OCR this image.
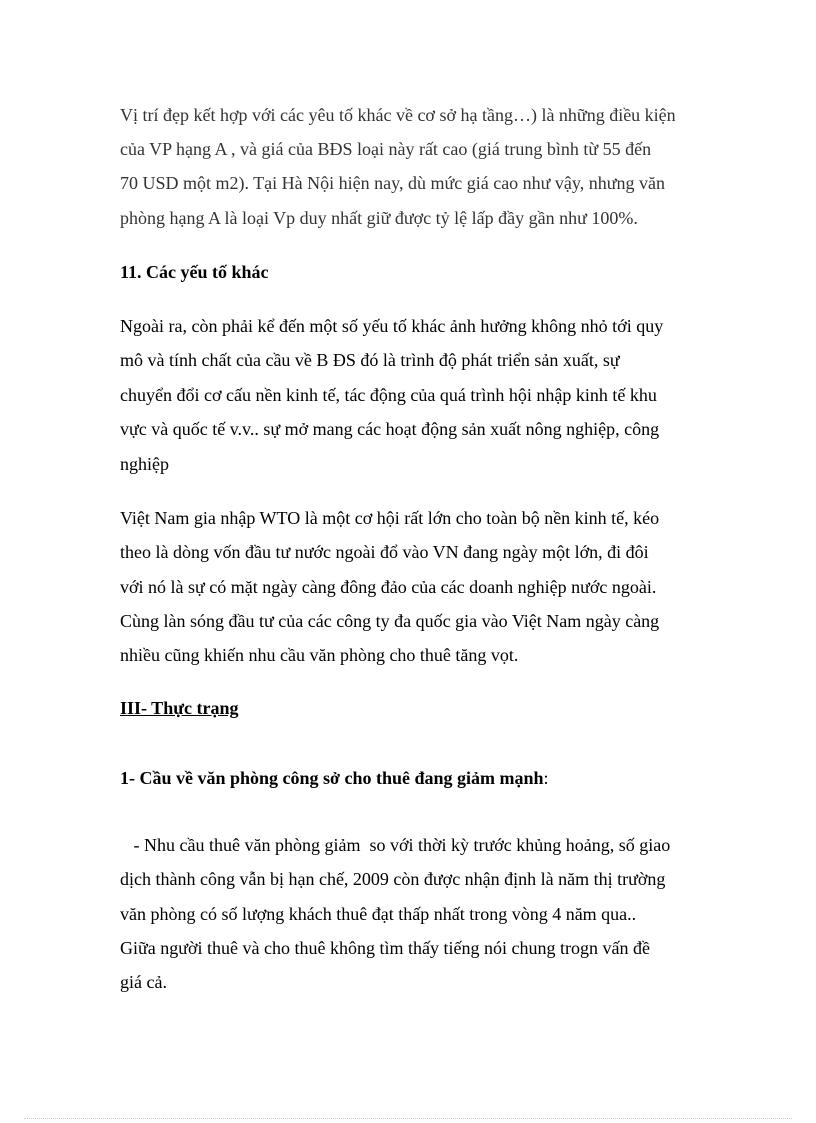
Vị trí đẹp kết hợp với các yêu tố khác về cơ sở hạ tầng…) là những điều kiện
của VP hạng A , và giá của BĐS loại này rất cao (giá trung bình từ 55 đến
70 USD một m2). Tại Hà Nội hiện nay, dù mức giá cao như vậy, nhưng văn
phòng hạng A là loại Vp duy nhất giữ được tỷ lệ lấp đầy gần như 100%.
11. Các yếu tố khác
Ngoài ra, còn phải kể đến một số yếu tố khác ảnh hưởng không nhỏ tới quy
mô và tính chất của cầu về B ĐS đó là trình độ phát triển sản xuất, sự
chuyển đổi cơ cấu nền kinh tế, tác động của quá trình hội nhập kinh tế khu
vực và quốc tế v.v.. sự mở mang các hoạt động sản xuất nông nghiệp, công
nghiệp
Việt Nam gia nhập WTO là một cơ hội rất lớn cho toàn bộ nền kinh tế, kéo
theo là dòng vốn đầu tư nước ngoài đổ vào VN đang ngày một lớn, đi đôi
với nó là sự có mặt ngày càng đông đảo của các doanh nghiệp nước ngoài.
Cùng làn sóng đầu tư của các công ty đa quốc gia vào Việt Nam ngày càng
nhiều cũng khiến nhu cầu văn phòng cho thuê tăng vọt.
III- Thực trạng
1- Cầu về văn phòng công sở cho thuê đang giảm mạnh:
- Nhu cầu thuê văn phòng giảm  so với thời kỳ trước khủng hoảng, số giao
dịch thành công vẫn bị hạn chế, 2009 còn được nhận định là năm thị trường
văn phòng có số lượng khách thuê đạt thấp nhất trong vòng 4 năm qua..
Giữa người thuê và cho thuê không tìm thấy tiếng nói chung trogn vấn đề
giá cả.
